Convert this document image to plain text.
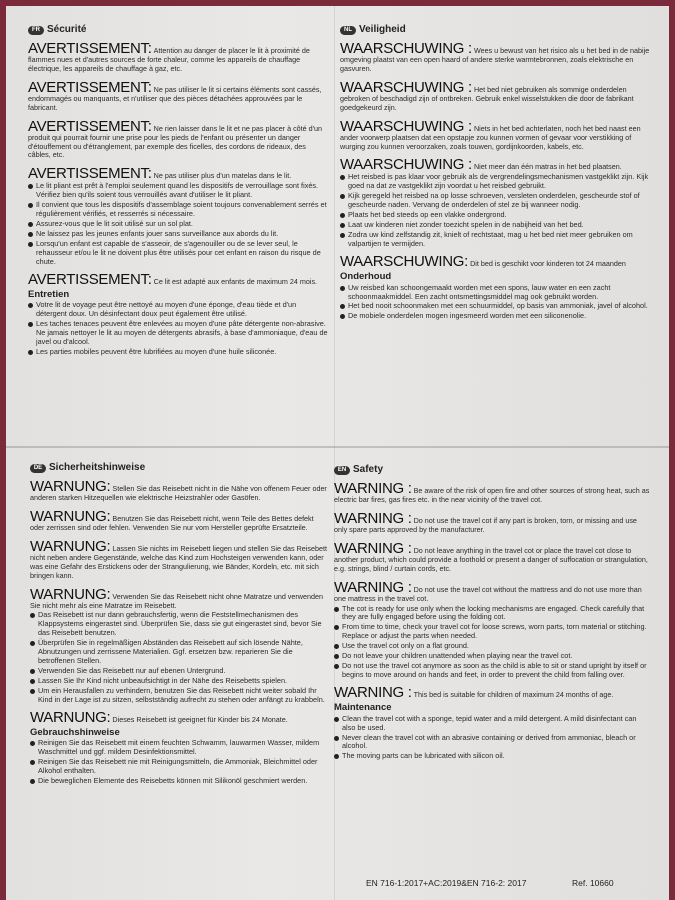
FR Sécurité
AVERTISSEMENT: Attention au danger de placer le lit à proximité de flammes nues et d'autres sources de forte chaleur, comme les appareils de chauffage électrique, les appareils de chauffage à gaz, etc.
AVERTISSEMENT: Ne pas utiliser le lit si certains éléments sont cassés, endommagés ou manquants, et n'utiliser que des pièces détachées approuvées par le fabricant.
AVERTISSEMENT: Ne rien laisser dans le lit et ne pas placer à côté d'un produit qui pourrait fournir une prise pour les pieds de l'enfant ou présenter un danger d'étouffement ou d'étranglement, par exemple des ficelles, des cordons de rideaux, des câbles, etc.
AVERTISSEMENT: Ne pas utiliser plus d'un matelas dans le lit.
Le lit pliant est prêt à l'emploi seulement quand les dispositifs de verrouillage sont fixés. Vérifiez bien qu'ils soient tous verrouillés avant d'utiliser le lit pliant.
Il convient que tous les dispositifs d'assemblage soient toujours convenablement serrés et régulièrement vérifiés, et resserrés si nécessaire.
Assurez-vous que le lit soit utilisé sur un sol plat.
Ne laissez pas les jeunes enfants jouer sans surveillance aux abords du lit.
Lorsqu'un enfant est capable de s'asseoir, de s'agenouiller ou de se lever seul, le rehausseur et/ou le lit ne doivent plus être utilisés pour cet enfant en raison du risque de chute.
AVERTISSEMENT: Ce lit est adapté aux enfants de maximum 24 mois.
Entretien
Votre lit de voyage peut être nettoyé au moyen d'une éponge, d'eau tiède et d'un détergent doux. Un désinfectant doux peut également être utilisé.
Les taches tenaces peuvent être enlevées au moyen d'une pâte détergente non-abrasive. Ne jamais nettoyer le lit au moyen de détergents abrasifs, à base d'ammoniaque, d'eau de javel ou d'alcool.
Les parties mobiles peuvent être lubrifiées au moyen d'une huile siliconée.
NL Veiligheid
WAARSCHUWING : Wees u bewust van het risico als u het bed in de nabije omgeving plaatst van een open haard of andere sterke warmtebronnen, zoals elektrische en gasvuren.
WAARSCHUWING : Het bed niet gebruiken als sommige onderdelen gebroken of beschadigd zijn of ontbreken. Gebruik enkel wisselstukken die door de fabrikant goedgekeurd zijn.
WAARSCHUWING : Niets in het bed achterlaten, noch het bed naast een ander voorwerp plaatsen dat een opstapje zou kunnen vormen of gevaar voor verstikking of wurging zou kunnen veroorzaken, zoals touwen, gordijnkoorden, kabels, etc.
WAARSCHUWING : Niet meer dan één matras in het bed plaatsen.
Het reisbed is pas klaar voor gebruik als de vergrendelingsmechanismen vastgeklikt zijn. Kijk goed na dat ze vastgeklikt zijn voordat u het reisbed gebruikt.
Kijk geregeld het reisbed na op losse schroeven, versleten onderdelen, gescheurde stof of gescheurde naden. Vervang de onderdelen of stel ze bij wanneer nodig.
Plaats het bed steeds op een vlakke ondergrond.
Laat uw kinderen niet zonder toezicht spelen in de nabijheid van het bed.
Zodra uw kind zelfstandig zit, knielt of rechtstaat, mag u het bed niet meer gebruiken om valpartijen te vermijden.
WAARSCHUWING: Dit bed is geschikt voor kinderen tot 24 maanden
Onderhoud
Uw reisbed kan schoongemaakt worden met een spons, lauw water en een zacht schoonmaakmiddel. Een zacht ontsmettingsmiddel mag ook gebruikt worden.
Het bed nooit schoonmaken met een schuurmiddel, op basis van ammoniak, javel of alcohol.
De mobiele onderdelen mogen ingesmeerd worden met een siliconenolie.
DE Sicherheitshinweise
WARNUNG: Stellen Sie das Reisebett nicht in die Nähe von offenem Feuer oder anderen starken Hitzequellen wie elektrische Heizstrahler oder Gasöfen.
WARNUNG: Benutzen Sie das Reisebett nicht, wenn Teile des Bettes defekt oder zerrissen sind oder fehlen. Verwenden Sie nur vom Hersteller geprüfte Ersatzteile.
WARNUNG: Lassen Sie nichts im Reisebett liegen und stellen Sie das Reisebett nicht neben andere Gegenstände, welche das Kind zum Hochsteigen verwenden kann, oder was eine Gefahr des Erstickens oder der Strangulierung, wie Bänder, Kordeln, etc. mit sich bringen kann.
WARNUNG: Verwenden Sie das Reisebett nicht ohne Matratze und verwenden Sie nicht mehr als eine Matratze im Reisebett.
Das Reisebett ist nur dann gebrauchsfertig, wenn die Feststellmechanismen des Klappsystems eingerastet sind. Überprüfen Sie, dass sie gut eingerastet sind, bevor Sie das Reisebett benutzen.
Überprüfen Sie in regelmäßigen Abständen das Reisebett auf sich lösende Nähte, Abnutzungen und zerrissene Materialien. Ggf. ersetzen bzw. reparieren Sie die betroffenen Stellen.
Verwenden Sie das Reisebett nur auf ebenen Untergrund.
Lassen Sie Ihr Kind nicht unbeaufsichtigt in der Nähe des Reisebetts spielen.
Um ein Herausfallen zu verhindern, benutzen Sie das Reisebett nicht weiter sobald Ihr Kind in der Lage ist zu sitzen, selbstständig aufrecht zu stehen oder anfängt zu krabbeln.
WARNUNG: Dieses Reisebett ist geeignet für Kinder bis 24 Monate.
Gebrauchshinweise
Reinigen Sie das Reisebett mit einem feuchten Schwamm, lauwarmen Wasser, mildem Waschmittel und ggf. mildem Desinfektionsmittel.
Reinigen Sie das Reisebett nie mit Reinigungsmitteln, die Ammoniak, Bleichmittel oder Alkohol enthalten.
Die beweglichen Elemente des Reisebetts können mit Silikonöl geschmiert werden.
EN Safety
WARNING : Be aware of the risk of open fire and other sources of strong heat, such as electric bar fires, gas fires etc. in the near vicinity of the travel cot.
WARNING : Do not use the travel cot if any part is broken, torn, or missing and use only spare parts approved by the manufacturer.
WARNING : Do not leave anything in the travel cot or place the travel cot close to another product, which could provide a foothold or present a danger of suffocation or strangulation, e.g. strings, blind / curtain cords, etc.
WARNING : Do not use the travel cot without the mattress and do not use more than one mattress in the travel cot.
The cot is ready for use only when the locking mechanisms are engaged. Check carefully that they are fully engaged before using the folding cot.
From time to time, check your travel cot for loose screws, worn parts, torn material or stitching. Replace or adjust the parts when needed.
Use the travel cot only on a flat ground.
Do not leave your children unattended when playing near the travel cot.
Do not use the travel cot anymore as soon as the child is able to sit or stand upright by itself or begins to move around on hands and feet, in order to prevent the child from falling over.
WARNING : This bed is suitable for children of maximum 24 months of age.
Maintenance
Clean the travel cot with a sponge, tepid water and a mild detergent. A mild disinfectant can also be used.
Never clean the travel cot with an abrasive containing or derived from ammoniac, bleach or alcohol.
The moving parts can be lubricated with silicon oil.
EN 716-1:2017+AC:2019&EN 716-2: 2017	Ref. 10660
